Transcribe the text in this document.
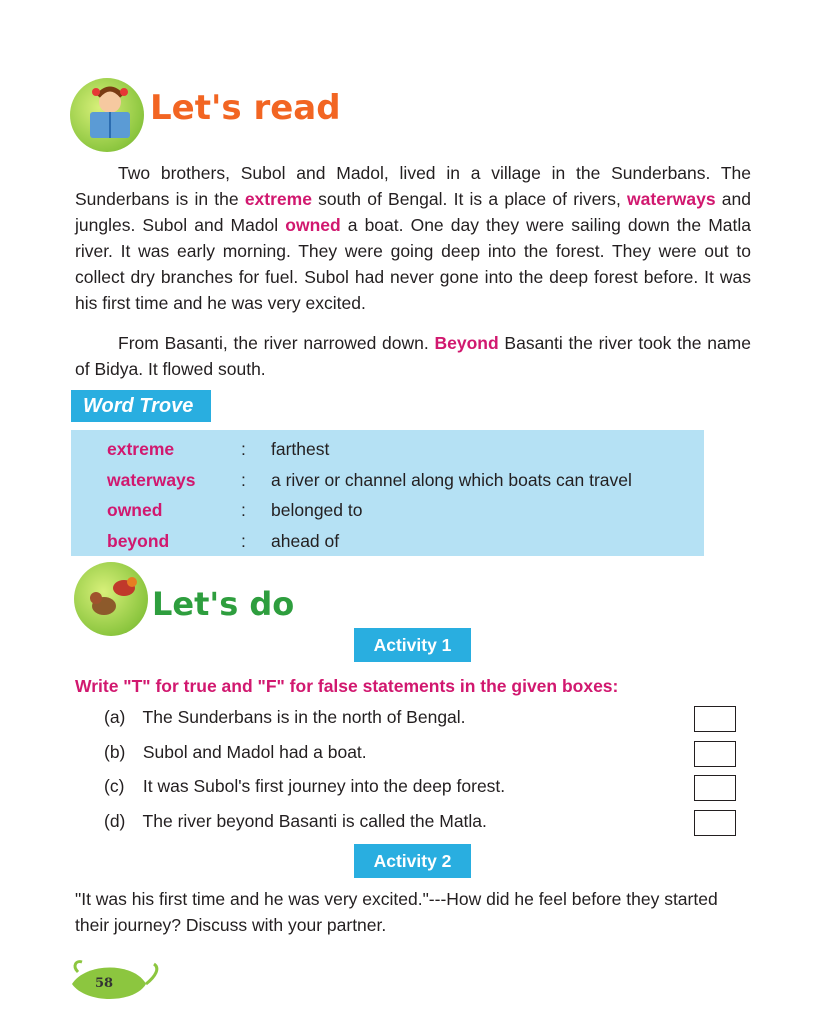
Let's read

Two brothers, Subol and Madol, lived in a village in the Sunderbans. The Sunderbans is in the extreme south of Bengal. It is a place of rivers, waterways and jungles. Subol and Madol owned a boat. One day they were sailing down the Matla river. It was early morning. They were going deep into the forest. They were out to collect dry branches for fuel. Subol had never gone into the deep forest before. It was his first time and he was very excited.

From Basanti, the river narrowed down. Beyond Basanti the river took the name of Bidya. It flowed south.

Word Trove
extreme	: farthest
waterways	: a river or channel along which boats can travel
owned	: belonged to
beyond	: ahead of
Let's do
Activity 1
Write "T" for true and "F" for false statements in the given boxes:
(a) The Sunderbans is in the north of Bengal.
(b) Subol and Madol had a boat.
(c) It was Subol's first journey into the deep forest.
(d) The river beyond Basanti is called the Matla.
Activity 2
"It was his first time and he was very excited."---How did he feel before they started their journey? Discuss with your partner.
58
